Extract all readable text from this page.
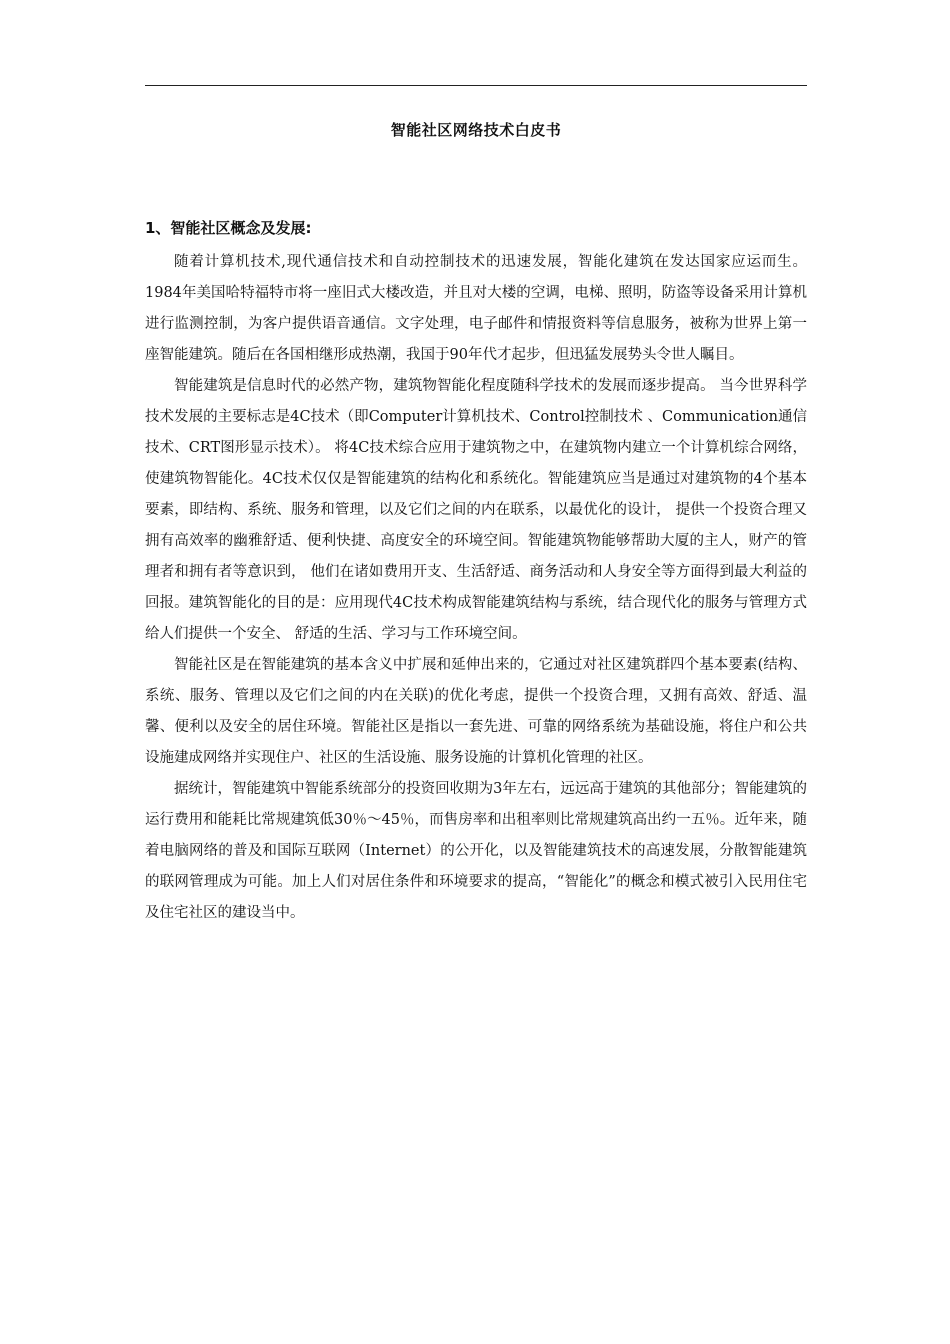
智能社区网络技术白皮书
1、智能社区概念及发展:

随着计算机技术,现代通信技术和自动控制技术的迅速发展，智能化建筑在发达国家应运而生。1984年美国哈特福特市将一座旧式大楼改造，并且对大楼的空调，电梯、照明，防盗等设备采用计算机进行监测控制，为客户提供语音通信。文字处理，电子邮件和情报资料等信息服务，被称为世界上第一座智能建筑。随后在各国相继形成热潮，我国于90年代才起步，但迅猛发展势头令世人瞩目。

智能建筑是信息时代的必然产物，建筑物智能化程度随科学技术的发展而逐步提高。 当今世界科学技术发展的主要标志是4C技术（即Computer计算机技术、Control控制技术 、Communication通信技术、CRT图形显示技术）。 将4C技术综合应用于建筑物之中，在建筑物内建立一个计算机综合网络，使建筑物智能化。4C技术仅仅是智能建筑的结构化和系统化。智能建筑应当是通过对建筑物的4个基本要素，即结构、系统、服务和管理，以及它们之间的内在联系，以最优化的设计， 提供一个投资合理又拥有高效率的幽雅舒适、便利快捷、高度安全的环境空间。智能建筑物能够帮助大厦的主人，财产的管理者和拥有者等意识到， 他们在诸如费用开支、生活舒适、商务活动和人身安全等方面得到最大利益的回报。建筑智能化的目的是：应用现代4C技术构成智能建筑结构与系统，结合现代化的服务与管理方式给人们提供一个安全、 舒适的生活、学习与工作环境空间。

智能社区是在智能建筑的基本含义中扩展和延伸出来的，它通过对社区建筑群四个基本要素(结构、系统、服务、管理以及它们之间的内在关联)的优化考虑，提供一个投资合理，又拥有高效、舒适、温馨、便利以及安全的居住环境。智能社区是指以一套先进、可靠的网络系统为基础设施，将住户和公共设施建成网络并实现住户、社区的生活设施、服务设施的计算机化管理的社区。

据统计，智能建筑中智能系统部分的投资回收期为3年左右，远远高于建筑的其他部分；智能建筑的运行费用和能耗比常规建筑低30％～45％，而售房率和出租率则比常规建筑高出约一五％。近年来，随着电脑网络的普及和国际互联网（Internet）的公开化，以及智能建筑技术的高速发展，分散智能建筑的联网管理成为可能。加上人们对居住条件和环境要求的提高，“智能化”的概念和模式被引入民用住宅及住宅社区的建设当中。
